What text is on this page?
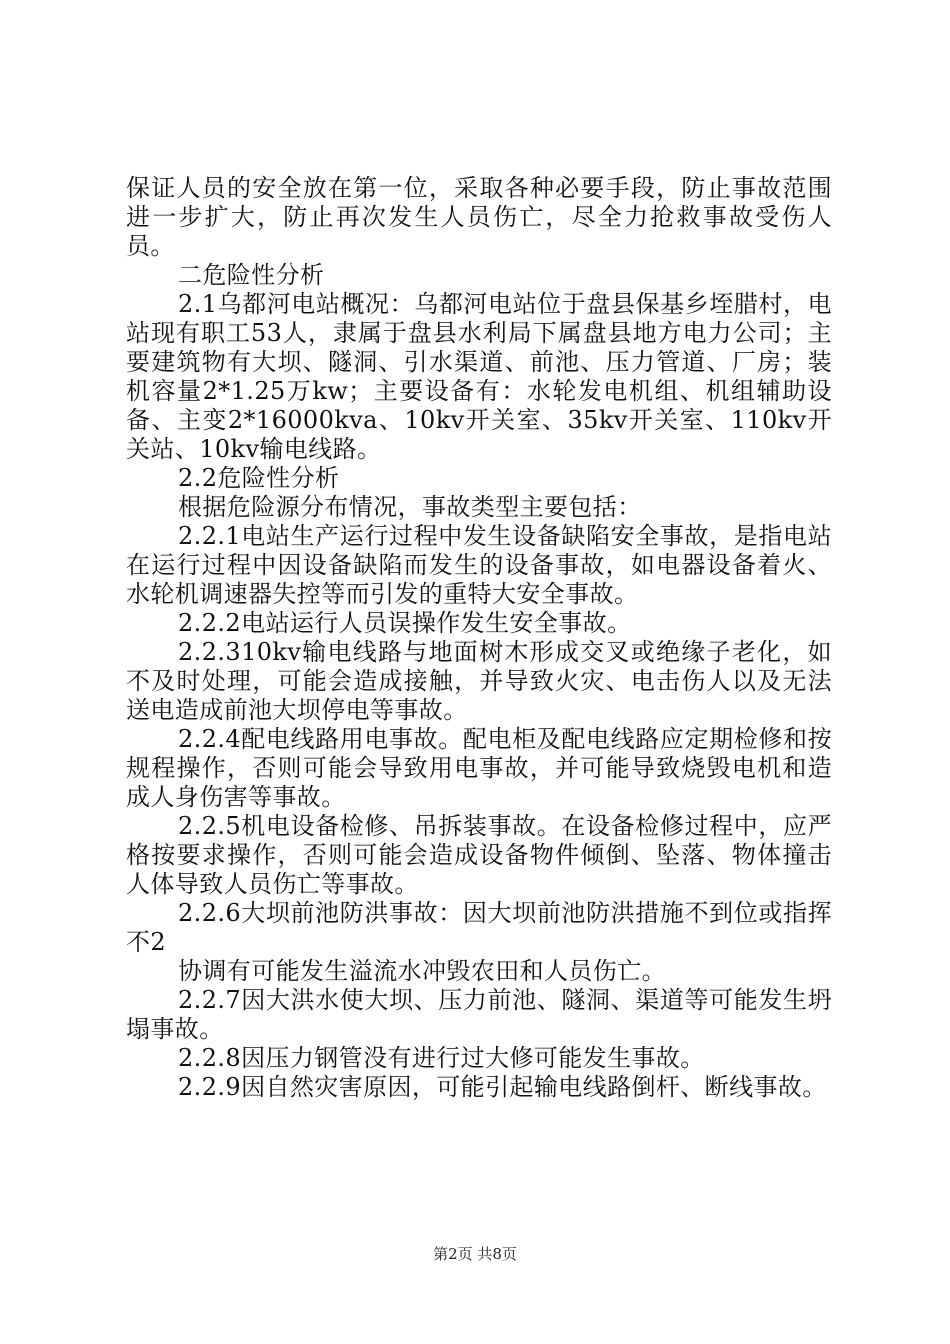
保证人员的安全放在第一位，采取各种必要手段，防止事故范围进一步扩大，防止再次发生人员伤亡，尽全力抢救事故受伤人员。

二危险性分析

2.1乌都河电站概况：乌都河电站位于盘县保基乡垤腊村，电站现有职工53人，隶属于盘县水利局下属盘县地方电力公司；主要建筑物有大坝、隧洞、引水渠道、前池、压力管道、厂房；装机容量2*1.25万kw；主要设备有：水轮发电机组、机组辅助设备、主变2*16000kva、10kv开关室、35kv开关室、110kv开关站、10kv输电线路。

2.2危险性分析

根据危险源分布情况，事故类型主要包括：

2.2.1电站生产运行过程中发生设备缺陷安全事故，是指电站在运行过程中因设备缺陷而发生的设备事故，如电器设备着火、水轮机调速器失控等而引发的重特大安全事故。

2.2.2电站运行人员误操作发生安全事故。

2.2.310kv输电线路与地面树木形成交叉或绝缘子老化，如不及时处理，可能会造成接触，并导致火灾、电击伤人以及无法送电造成前池大坝停电等事故。

2.2.4配电线路用电事故。配电柜及配电线路应定期检修和按规程操作，否则可能会导致用电事故，并可能导致烧毁电机和造成人身伤害等事故。

2.2.5机电设备检修、吊拆装事故。在设备检修过程中，应严格按要求操作，否则可能会造成设备物件倾倒、坠落、物体撞击人体导致人员伤亡等事故。

2.2.6大坝前池防洪事故：因大坝前池防洪措施不到位或指挥不2

协调有可能发生溢流水冲毁农田和人员伤亡。

2.2.7因大洪水使大坝、压力前池、隧洞、渠道等可能发生坍塌事故。

2.2.8因压力钢管没有进行过大修可能发生事故。

2.2.9因自然灾害原因，可能引起输电线路倒杆、断线事故。

第2页 共8页
